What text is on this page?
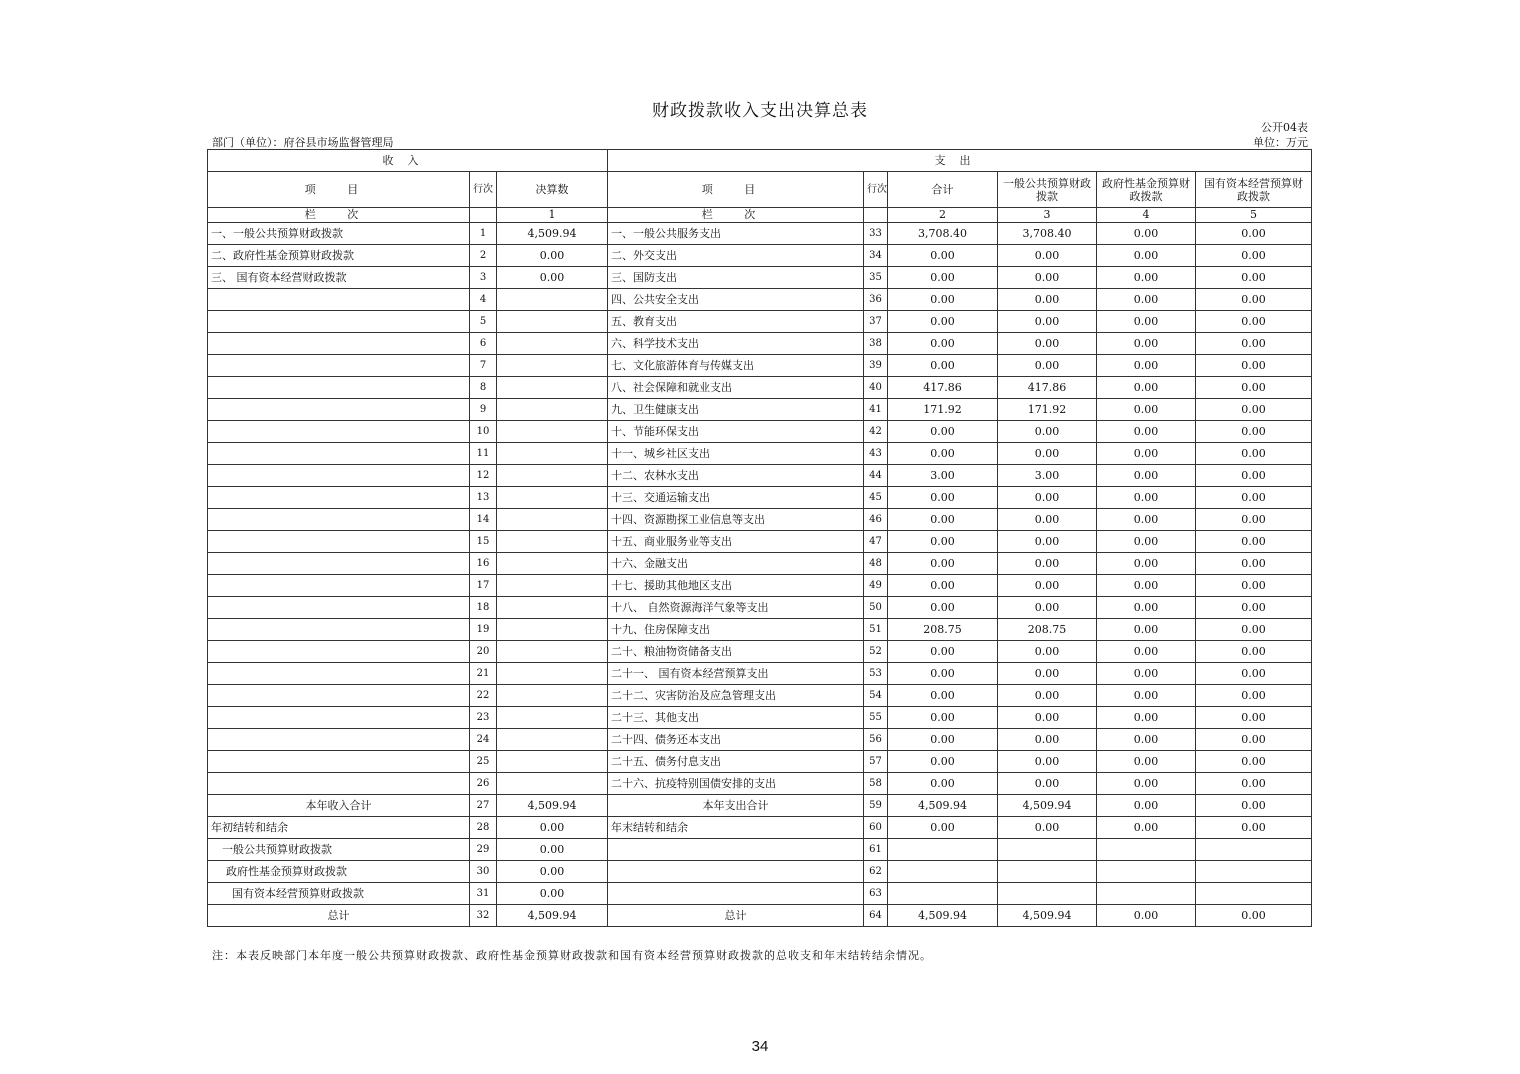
财政拨款收入支出决算总表
公开04表
部门（单位）：府谷县市场监督管理局	单位：万元
收入			支出					
项 目	行次	决算数	项 目	行次	合计	一般公共预算财政拨款	政府性基金预算财政拨款	国有资本经营预算财政拨款
栏 次		1	栏 次		2	3	4	5
一、一般公共预算财政拨款	1	4,509.94	一、一般公共服务支出	33	3,708.40	3,708.40	0.00	0.00
二、政府性基金预算财政拨款	2	0.00	二、外交支出	34	0.00	0.00	0.00	0.00
三、 国有资本经营财政拨款	3	0.00	三、国防支出	35	0.00	0.00	0.00	0.00
	4		四、公共安全支出	36	0.00	0.00	0.00	0.00
	5		五、教育支出	37	0.00	0.00	0.00	0.00
	6		六、科学技术支出	38	0.00	0.00	0.00	0.00
	7		七、文化旅游体育与传媒支出	39	0.00	0.00	0.00	0.00
	8		八、社会保障和就业支出	40	417.86	417.86	0.00	0.00
	9		九、卫生健康支出	41	171.92	171.92	0.00	0.00
	10		十、节能环保支出	42	0.00	0.00	0.00	0.00
	11		十一、城乡社区支出	43	0.00	0.00	0.00	0.00
	12		十二、农林水支出	44	3.00	3.00	0.00	0.00
	13		十三、交通运输支出	45	0.00	0.00	0.00	0.00
	14		十四、资源勘探工业信息等支出	46	0.00	0.00	0.00	0.00
	15		十五、商业服务业等支出	47	0.00	0.00	0.00	0.00
	16		十六、金融支出	48	0.00	0.00	0.00	0.00
	17		十七、援助其他地区支出	49	0.00	0.00	0.00	0.00
	18		十八、 自然资源海洋气象等支出	50	0.00	0.00	0.00	0.00
	19		十九、住房保障支出	51	208.75	208.75	0.00	0.00
	20		二十、粮油物资储备支出	52	0.00	0.00	0.00	0.00
	21		二十一、 国有资本经营预算支出	53	0.00	0.00	0.00	0.00
	22		二十二、灾害防治及应急管理支出	54	0.00	0.00	0.00	0.00
	23		二十三、其他支出	55	0.00	0.00	0.00	0.00
	24		二十四、债务还本支出	56	0.00	0.00	0.00	0.00
	25		二十五、债务付息支出	57	0.00	0.00	0.00	0.00
	26		二十六、抗疫特别国债安排的支出	58	0.00	0.00	0.00	0.00
本年收入合计	27	4,509.94	本年支出合计	59	4,509.94	4,509.94	0.00	0.00
年初结转和结余	28	0.00	年末结转和结余	60	0.00	0.00	0.00	0.00
一般公共预算财政拨款	29	0.00		61				
政府性基金预算财政拨款	30	0.00		62				
国有资本经营预算财政拨款	31	0.00		63				
总计	32	4,509.94	总计	64	4,509.94	4,509.94	0.00	0.00
注：本表反映部门本年度一般公共预算财政拨款、政府性基金预算财政拨款和国有资本经营预算财政拨款的总收支和年末结转结余情况。
34
